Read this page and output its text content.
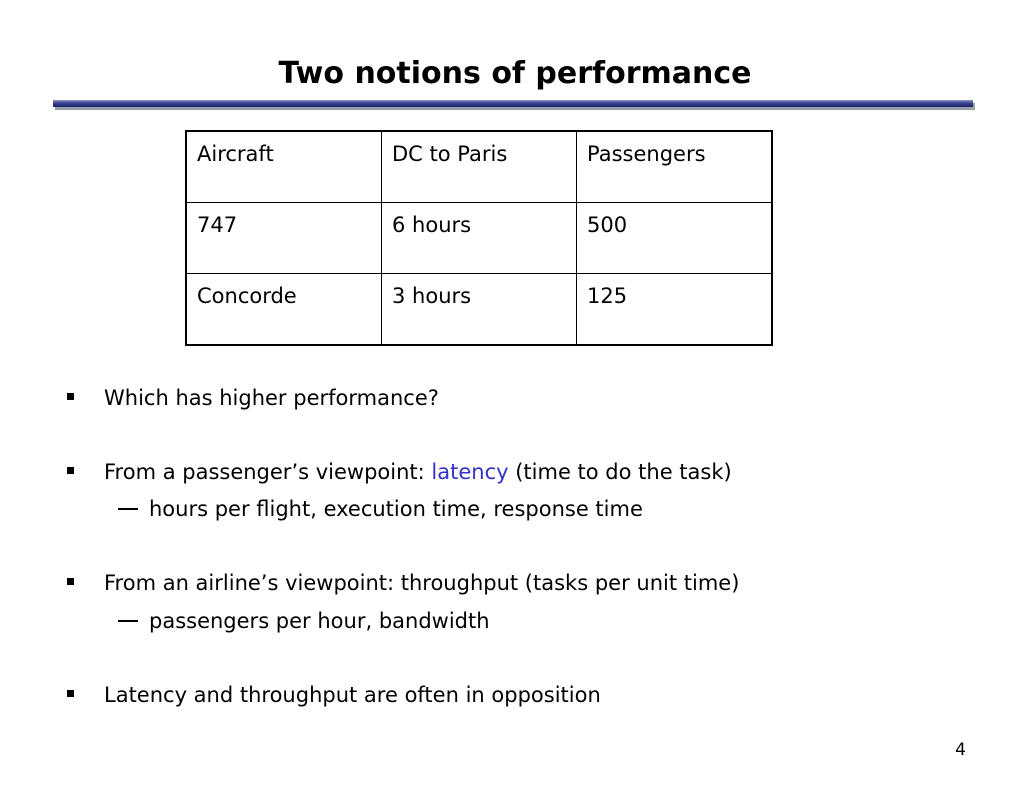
Two notions of performance
Aircraft	DC to Paris	Passengers
747	6 hours	500
Concorde	3 hours	125
Which has higher performance?
From a passenger’s viewpoint: latency (time to do the task)
hours per flight, execution time, response time
From an airline’s viewpoint: throughput (tasks per unit time)
passengers per hour, bandwidth
Latency and throughput are often in opposition
4
